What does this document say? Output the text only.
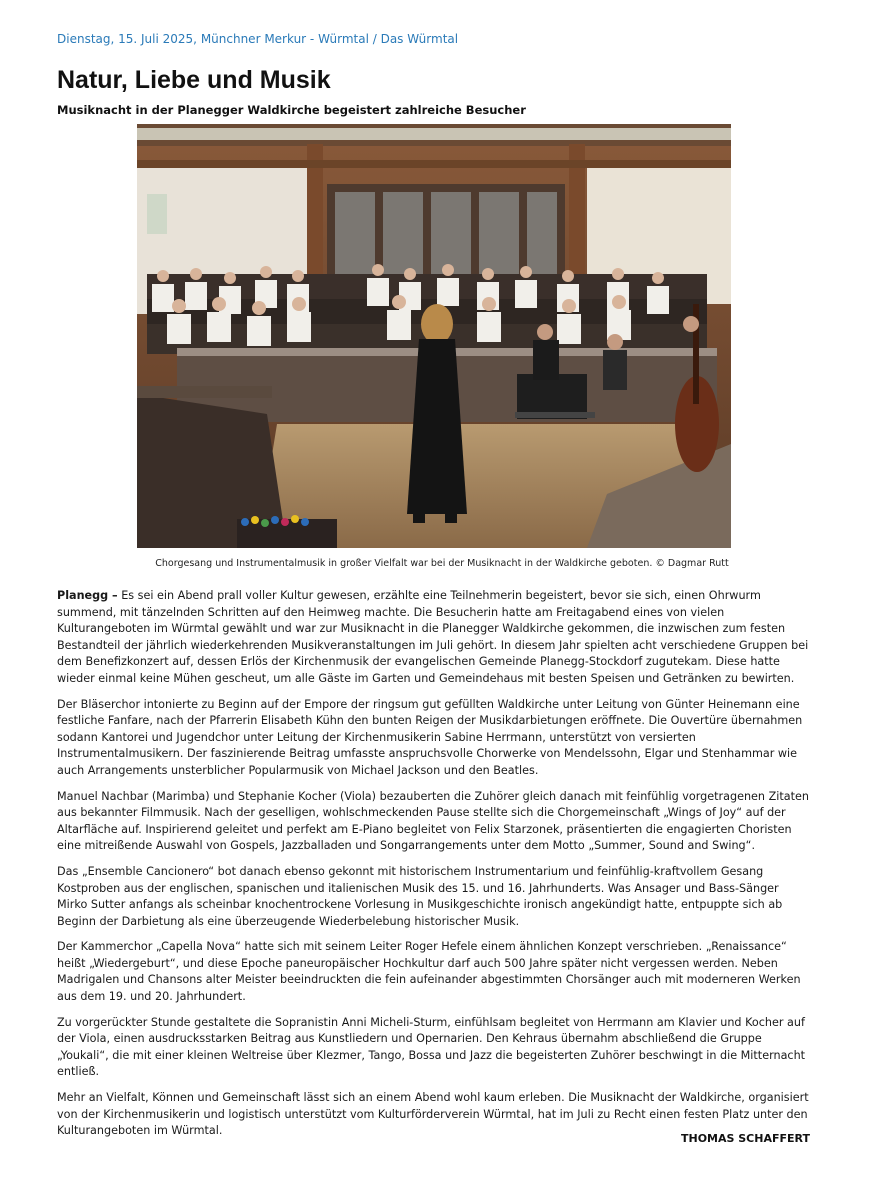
Dienstag, 15. Juli 2025, Münchner Merkur - Würmtal / Das Würmtal
Natur, Liebe und Musik
Musiknacht in der Planegger Waldkirche begeistert zahlreiche Besucher
Chorgesang und Instrumentalmusik in großer Vielfalt war bei der Musiknacht in der Waldkirche geboten. © Dagmar Rutt

Planegg – Es sei ein Abend prall voller Kultur gewesen, erzählte eine Teilnehmerin begeistert, bevor sie sich, einen Ohrwurm summend, mit tänzelnden Schritten auf den Heimweg machte. Die Besucherin hatte am Freitagabend eines von vielen Kulturangeboten im Würmtal gewählt und war zur Musiknacht in die Planegger Waldkirche gekommen, die inzwischen zum festen Bestandteil der jährlich wiederkehrenden Musikveranstaltungen im Juli gehört. In diesem Jahr spielten acht verschiedene Gruppen bei dem Benefizkonzert auf, dessen Erlös der Kirchenmusik der evangelischen Gemeinde Planegg-Stockdorf zugutekam. Diese hatte wieder einmal keine Mühen gescheut, um alle Gäste im Garten und Gemeindehaus mit besten Speisen und Getränken zu bewirten.

Der Bläserchor intonierte zu Beginn auf der Empore der ringsum gut gefüllten Waldkirche unter Leitung von Günter Heinemann eine festliche Fanfare, nach der Pfarrerin Elisabeth Kühn den bunten Reigen der Musikdarbietungen eröffnete. Die Ouvertüre übernahmen sodann Kantorei und Jugendchor unter Leitung der Kirchenmusikerin Sabine Herrmann, unterstützt von versierten Instrumentalmusikern. Der faszinierende Beitrag umfasste anspruchsvolle Chorwerke von Mendelssohn, Elgar und Stenhammar wie auch Arrangements unsterblicher Popularmusik von Michael Jackson und den Beatles.

Manuel Nachbar (Marimba) und Stephanie Kocher (Viola) bezauberten die Zuhörer gleich danach mit feinfühlig vorgetragenen Zitaten aus bekannter Filmmusik. Nach der geselligen, wohlschmeckenden Pause stellte sich die Chorgemeinschaft „Wings of Joy“ auf der Altarfläche auf. Inspirierend geleitet und perfekt am E-Piano begleitet von Felix Starzonek, präsentierten die engagierten Choristen eine mitreißende Auswahl von Gospels, Jazzballaden und Songarrangements unter dem Motto „Summer, Sound and Swing“.

Das „Ensemble Cancionero“ bot danach ebenso gekonnt mit historischem Instrumentarium und feinfühlig-kraftvollem Gesang Kostproben aus der englischen, spanischen und italienischen Musik des 15. und 16. Jahrhunderts. Was Ansager und Bass-Sänger Mirko Sutter anfangs als scheinbar knochentrockene Vorlesung in Musikgeschichte ironisch angekündigt hatte, entpuppte sich ab Beginn der Darbietung als eine überzeugende Wiederbelebung historischer Musik.

Der Kammerchor „Capella Nova“ hatte sich mit seinem Leiter Roger Hefele einem ähnlichen Konzept verschrieben. „Renaissance“ heißt „Wiedergeburt“, und diese Epoche paneuropäischer Hochkultur darf auch 500 Jahre später nicht vergessen werden. Neben Madrigalen und Chansons alter Meister beeindruckten die fein aufeinander abgestimmten Chorsänger auch mit moderneren Werken aus dem 19. und 20. Jahrhundert.

Zu vorgerückter Stunde gestaltete die Sopranistin Anni Micheli-Sturm, einfühlsam begleitet von Herrmann am Klavier und Kocher auf der Viola, einen ausdrucksstarken Beitrag aus Kunstliedern und Opernarien. Den Kehraus übernahm abschließend die Gruppe „Youkali“, die mit einer kleinen Weltreise über Klezmer, Tango, Bossa und Jazz die begeisterten Zuhörer beschwingt in die Mitternacht entließ.

Mehr an Vielfalt, Können und Gemeinschaft lässt sich an einem Abend wohl kaum erleben. Die Musiknacht der Waldkirche, organisiert von der Kirchenmusikerin und logistisch unterstützt vom Kulturförderverein Würmtal, hat im Juli zu Recht einen festen Platz unter den Kulturangeboten im Würmtal.

THOMAS SCHAFFERT
